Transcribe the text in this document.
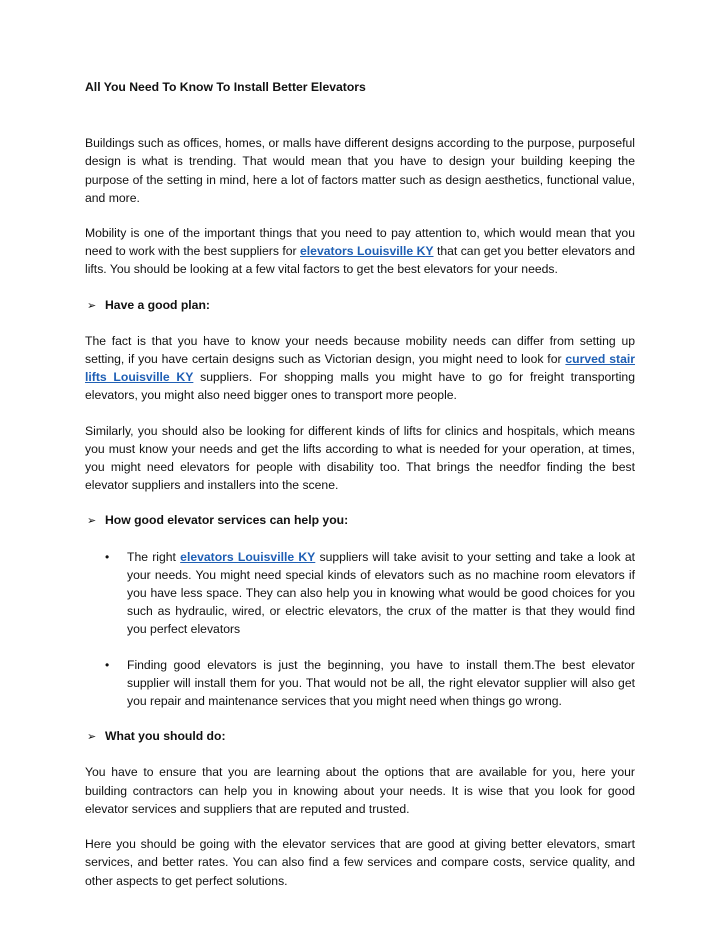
All You Need To Know To Install Better Elevators

Buildings such as offices, homes, or malls have different designs according to the purpose, purposeful design is what is trending. That would mean that you have to design your building keeping the purpose of the setting in mind, here a lot of factors matter such as design aesthetics, functional value, and more.

Mobility is one of the important things that you need to pay attention to, which would mean that you need to work with the best suppliers for elevators Louisville KY that can get you better elevators and lifts. You should be looking at a few vital factors to get the best elevators for your needs.

➢ Have a good plan:

The fact is that you have to know your needs because mobility needs can differ from setting up setting, if you have certain designs such as Victorian design, you might need to look for curved stair lifts Louisville KY suppliers. For shopping malls you might have to go for freight transporting elevators, you might also need bigger ones to transport more people.

Similarly, you should also be looking for different kinds of lifts for clinics and hospitals, which means you must know your needs and get the lifts according to what is needed for your operation, at times, you might need elevators for people with disability too. That brings the needfor finding the best elevator suppliers and installers into the scene.

➢ How good elevator services can help you:
•	The right elevators Louisville KY suppliers will take avisit to your setting and take a look at your needs. You might need special kinds of elevators such as no machine room elevators if you have less space. They can also help you in knowing what would be good choices for you such as hydraulic, wired, or electric elevators, the crux of the matter is that they would find you perfect elevators
•	Finding good elevators is just the beginning, you have to install them.The best elevator supplier will install them for you. That would not be all, the right elevator supplier will also get you repair and maintenance services that you might need when things go wrong.
➢ What you should do:

You have to ensure that you are learning about the options that are available for you, here your building contractors can help you in knowing about your needs. It is wise that you look for good elevator services and suppliers that are reputed and trusted.

Here you should be going with the elevator services that are good at giving better elevators, smart services, and better rates. You can also find a few services and compare costs, service quality, and other aspects to get perfect solutions.
